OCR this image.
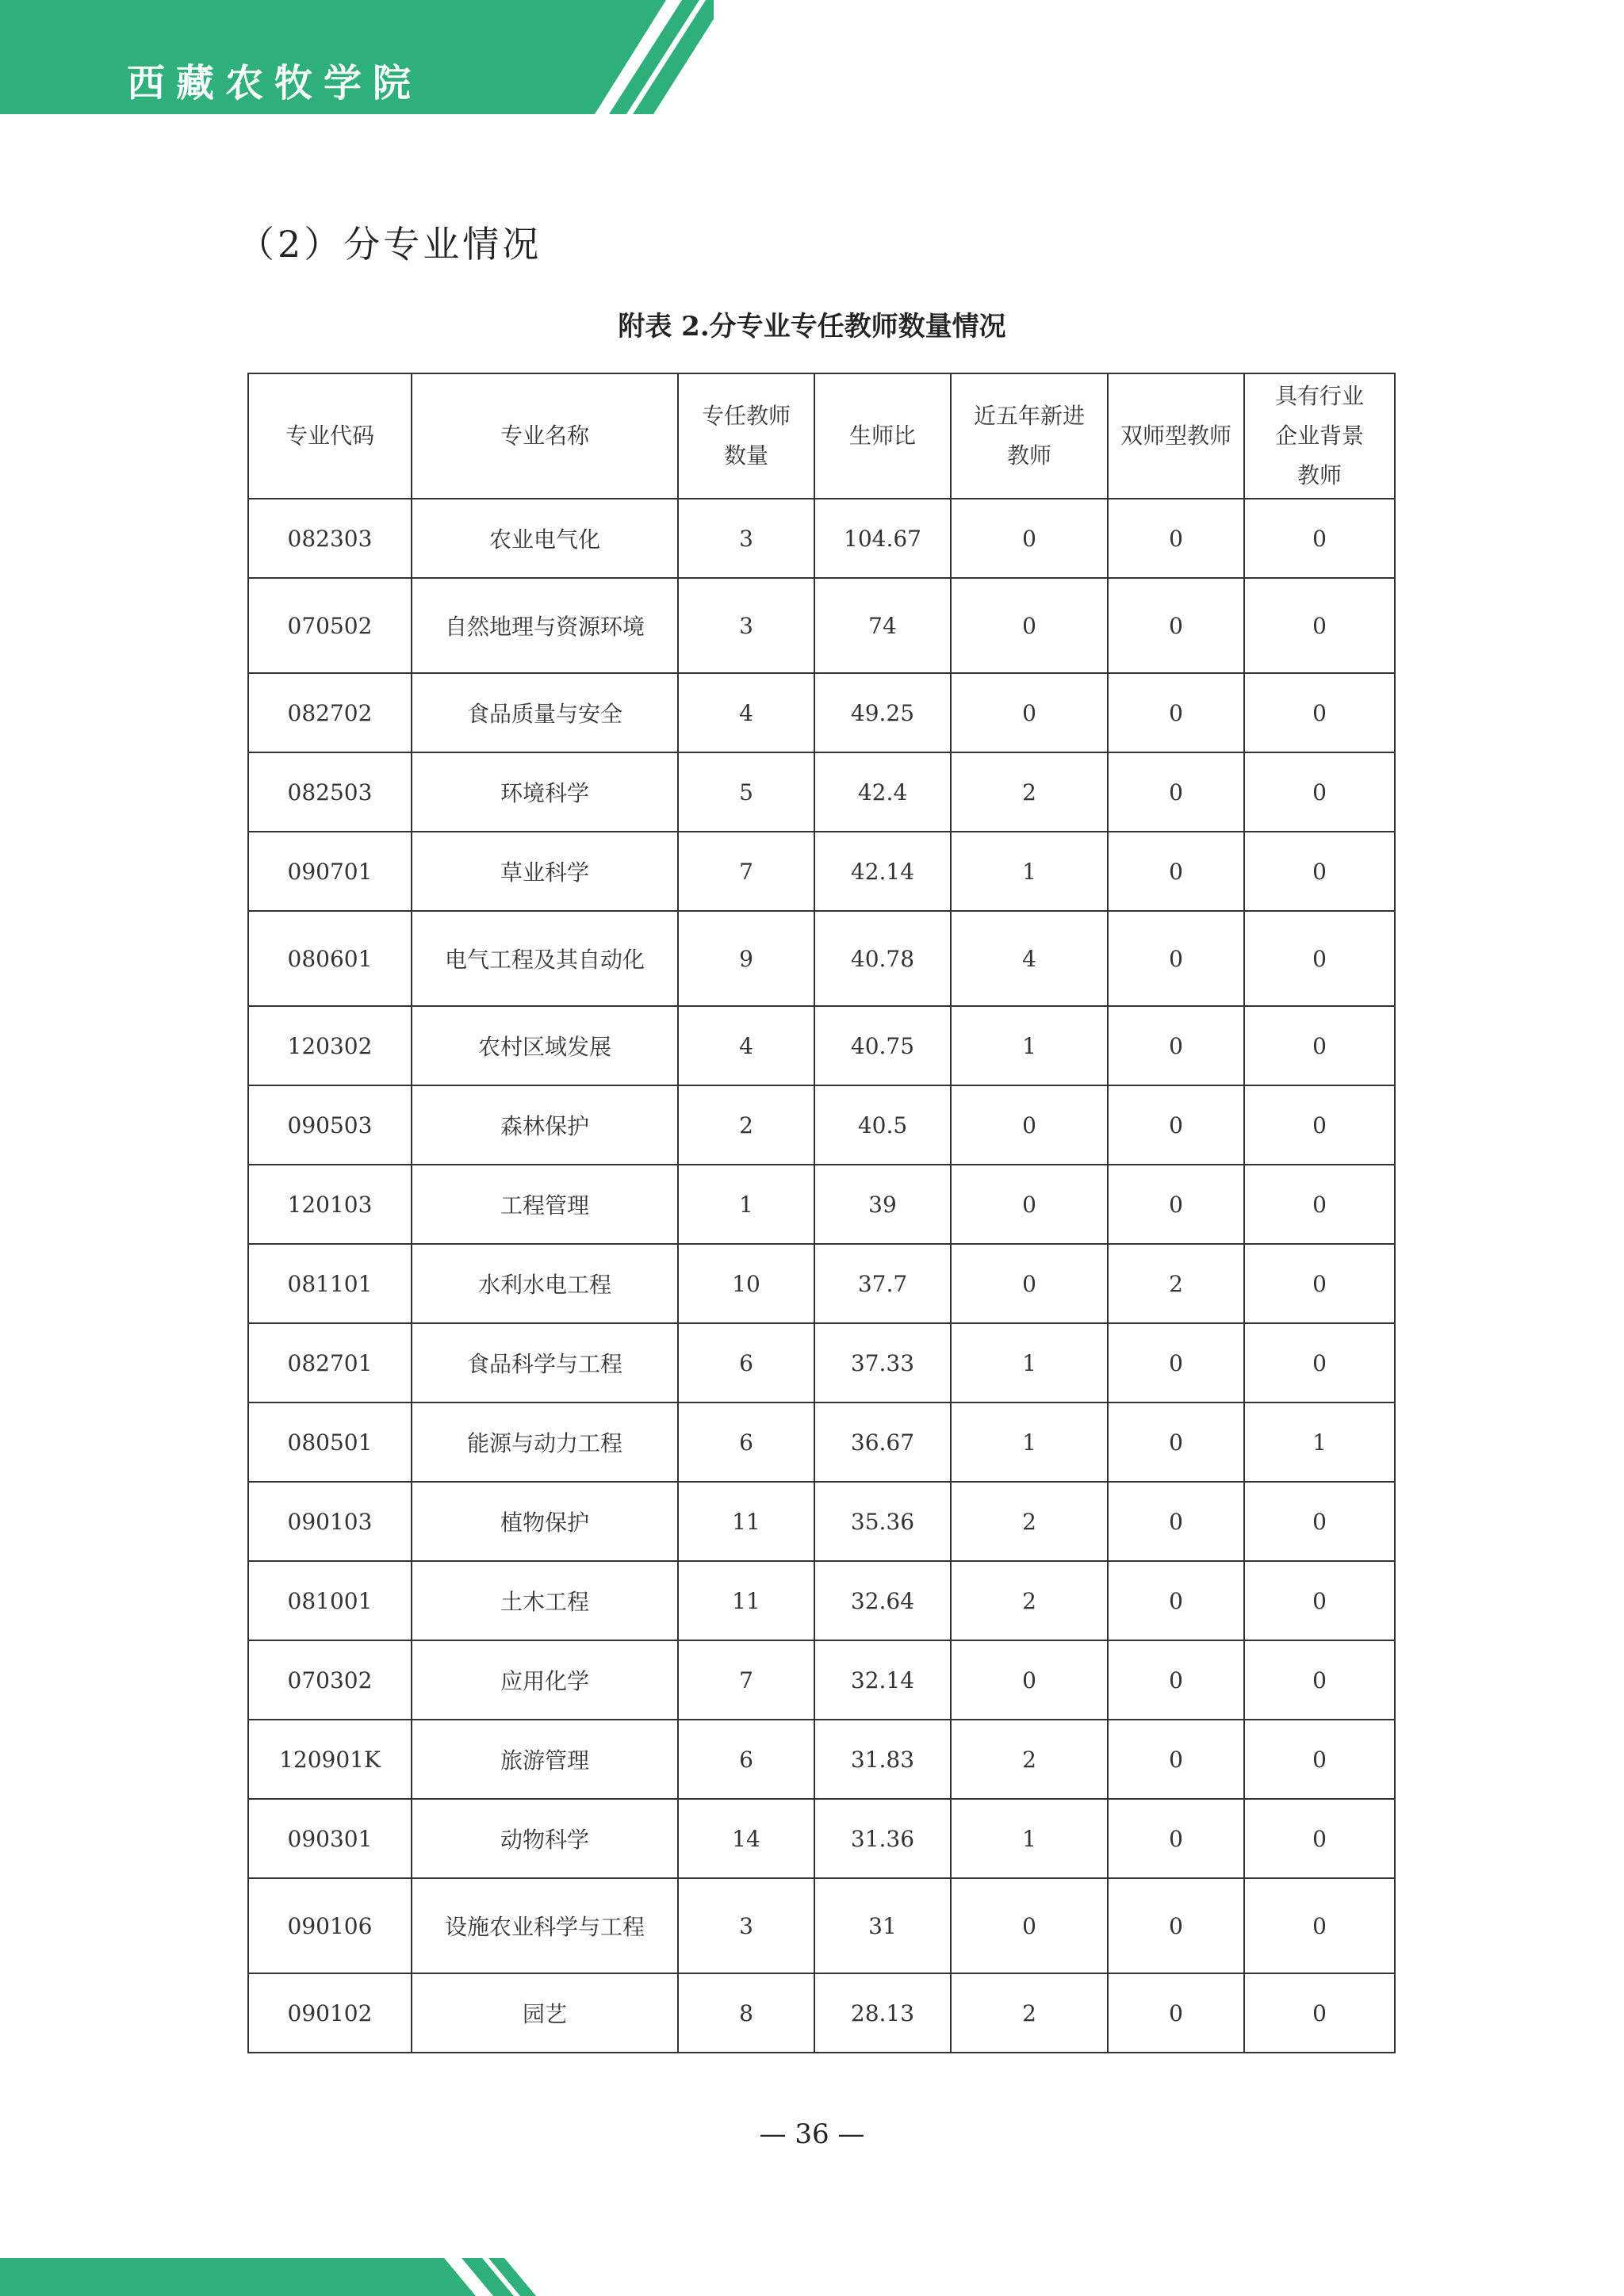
西藏农牧学院
（2）分专业情况
附表 2.分专业专任教师数量情况
专业代码	专业名称	专任教师数量	生师比	近五年新进教师	双师型教师	具有行业企业背景教师
082303	农业电气化	3	104.67	0	0	0
070502	自然地理与资源环境	3	74	0	0	0
082702	食品质量与安全	4	49.25	0	0	0
082503	环境科学	5	42.4	2	0	0
090701	草业科学	7	42.14	1	0	0
080601	电气工程及其自动化	9	40.78	4	0	0
120302	农村区域发展	4	40.75	1	0	0
090503	森林保护	2	40.5	0	0	0
120103	工程管理	1	39	0	0	0
081101	水利水电工程	10	37.7	0	2	0
082701	食品科学与工程	6	37.33	1	0	0
080501	能源与动力工程	6	36.67	1	0	1
090103	植物保护	11	35.36	2	0	0
081001	土木工程	11	32.64	2	0	0
070302	应用化学	7	32.14	0	0	0
120901K	旅游管理	6	31.83	2	0	0
090301	动物科学	14	31.36	1	0	0
090106	设施农业科学与工程	3	31	0	0	0
090102	园艺	8	28.13	2	0	0
— 36 —
